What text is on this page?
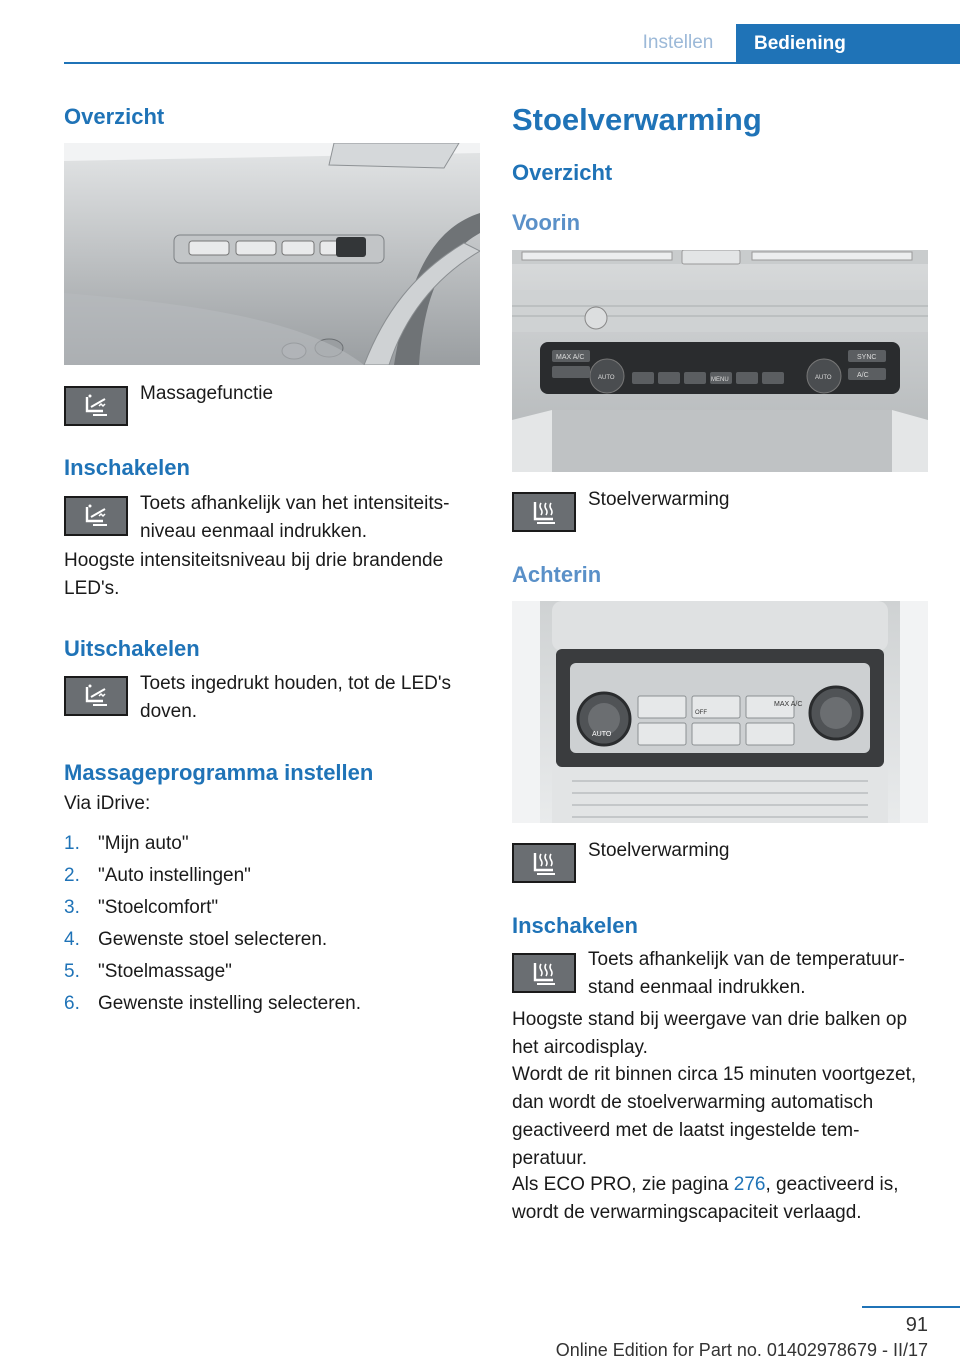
Instellen	Bediening
Overzicht
Massagefunctie
Inschakelen
Toets afhankelijk van het intensiteitsniveau eenmaal indrukken.
Hoogste intensiteitsniveau bij drie brandende LED's.
Uitschakelen
Toets ingedrukt houden, tot de LED's doven.
Massageprogramma instellen
Via iDrive:
1. "Mijn auto"
2. "Auto instellingen"
3. "Stoelcomfort"
4. Gewenste stoel selecteren.
5. "Stoelmassage"
6. Gewenste instelling selecteren.
Stoelverwarming
Overzicht
Voorin
MAX A/C
AUTO	MENU	AUTO
SYNC
A/C
Stoelverwarming
Achterin
AUTO
OFF
MAX A/C
Stoelverwarming
Inschakelen
Toets afhankelijk van de temperatuurstand eenmaal indrukken.
Hoogste stand bij weergave van drie balken op het aircodisplay.
Wordt de rit binnen circa 15 minuten voortgezet, dan wordt de stoelverwarming automatisch geactiveerd met de laatst ingestelde temperatuur.
Als ECO PRO, zie pagina 276, geactiveerd is, wordt de verwarmingscapaciteit verlaagd.
91
Online Edition for Part no. 01402978679 - II/17
